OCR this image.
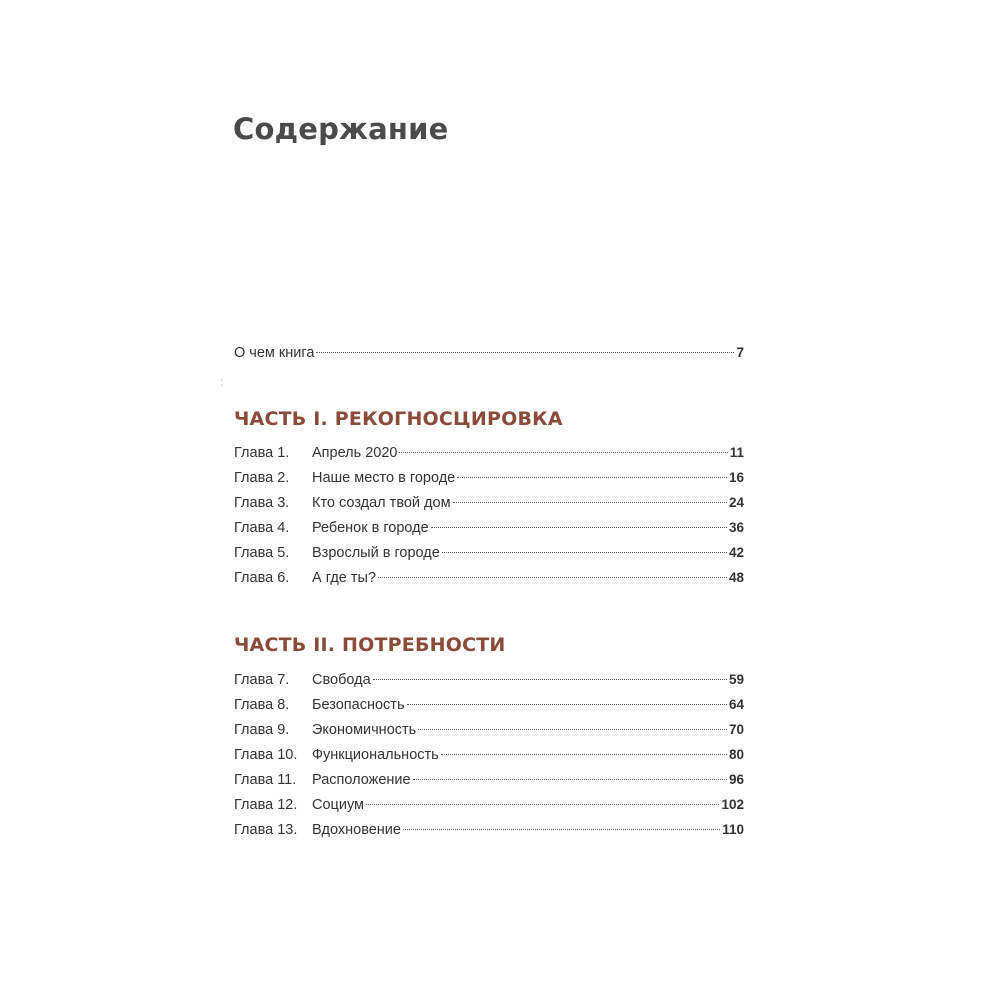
Содержание
⁚
О чем книга	7
ЧАСТЬ I. РЕКОГНОСЦИРОВКА
Глава 1.	Апрель 2020	11
Глава 2.	Наше место в городе	16
Глава 3.	Кто создал твой дом	24
Глава 4.	Ребенок в городе	36
Глава 5.	Взрослый в городе	42
Глава 6.	А где ты?	48
ЧАСТЬ II. ПОТРЕБНОСТИ
Глава 7.	Свобода	59
Глава 8.	Безопасность	64
Глава 9.	Экономичность	70
Глава 10.	Функциональность	80
Глава 11.	Расположение	96
Глава 12.	Социум	102
Глава 13.	Вдохновение	110
